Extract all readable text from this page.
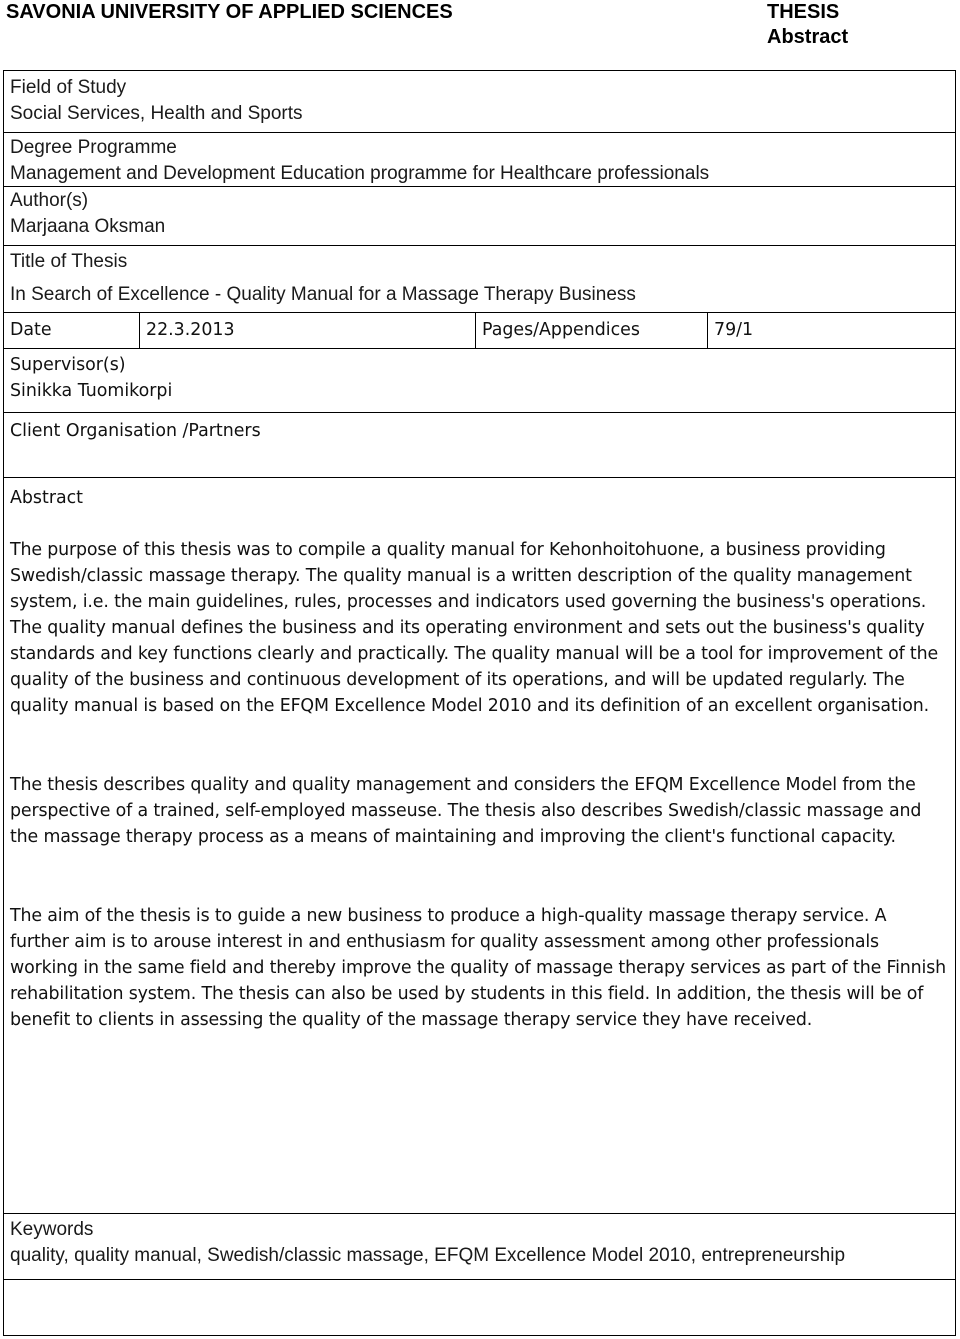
SAVONIA UNIVERSITY OF APPLIED SCIENCES	THESIS
Abstract
Field of Study
Social Services, Health and Sports
Degree Programme
Management and Development Education programme for Healthcare professionals
Author(s)
Marjaana Oksman
Title of Thesis
In Search of Excellence - Quality Manual for a Massage Therapy Business
Date	22.3.2013	Pages/Appendices	79/1
Supervisor(s)
Sinikka Tuomikorpi
Client Organisation /Partners
Abstract
The purpose of this thesis was to compile a quality manual for Kehonhoitohuone, a business providing Swedish/classic massage therapy. The quality manual is a written description of the quality management system, i.e. the main guidelines, rules, processes and indicators used governing the business's operations. The quality manual defines the business and its operating environment and sets out the business's quality standards and key functions clearly and practically. The quality manual will be a tool for improvement of the quality of the business and continuous development of its operations, and will be updated regularly. The quality manual is based on the EFQM Excellence Model 2010 and its definition of an excellent organisation.
The thesis describes quality and quality management and considers the EFQM Excellence Model from the perspective of a trained, self-employed masseuse. The thesis also describes Swedish/classic massage and the massage therapy process as a means of maintaining and improving the client's functional capacity.
The aim of the thesis is to guide a new business to produce a high-quality massage therapy service. A further aim is to arouse interest in and enthusiasm for quality assessment among other professionals working in the same field and thereby improve the quality of massage therapy services as part of the Finnish rehabilitation system. The thesis can also be used by students in this field. In addition, the thesis will be of benefit to clients in assessing the quality of the massage therapy service they have received.
Keywords
quality, quality manual, Swedish/classic massage, EFQM Excellence Model 2010, entrepreneurship
